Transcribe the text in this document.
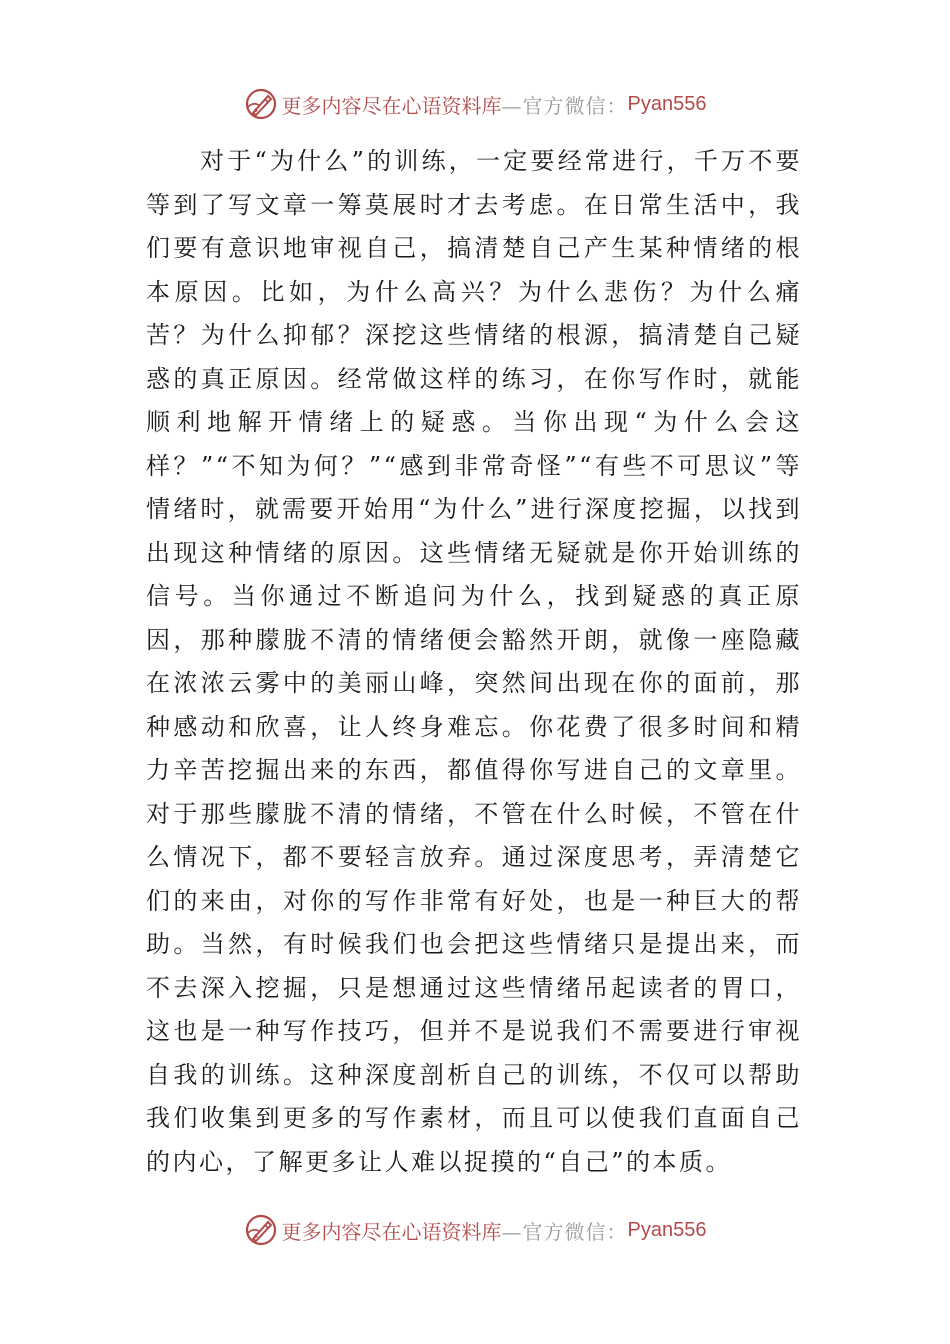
更多内容尽在心语资料库 —官方微信： Pyan556

对于“为什么”的训练，一定要经常进行，千万不要等到了写文章一筹莫展时才去考虑。在日常生活中，我们要有意识地审视自己，搞清楚自己产生某种情绪的根本原因。比如，为什么高兴？为什么悲伤？为什么痛苦？为什么抑郁？深挖这些情绪的根源，搞清楚自己疑惑的真正原因。经常做这样的练习，在你写作时，就能顺利地解开情绪上的疑惑。当你出现“为什么会这样？”“不知为何？”“感到非常奇怪”“有些不可思议”等情绪时，就需要开始用“为什么”进行深度挖掘，以找到出现这种情绪的原因。这些情绪无疑就是你开始训练的信号。当你通过不断追问为什么，找到疑惑的真正原因，那种朦胧不清的情绪便会豁然开朗，就像一座隐藏在浓浓云雾中的美丽山峰，突然间出现在你的面前，那种感动和欣喜，让人终身难忘。你花费了很多时间和精力辛苦挖掘出来的东西，都值得你写进自己的文章里。对于那些朦胧不清的情绪，不管在什么时候，不管在什么情况下，都不要轻言放弃。通过深度思考，弄清楚它们的来由，对你的写作非常有好处，也是一种巨大的帮助。当然，有时候我们也会把这些情绪只是提出来，而不去深入挖掘，只是想通过这些情绪吊起读者的胃口，这也是一种写作技巧，但并不是说我们不需要进行审视自我的训练。这种深度剖析自己的训练，不仅可以帮助我们收集到更多的写作素材，而且可以使我们直面自己的内心，了解更多让人难以捉摸的“自己”的本质。

更多内容尽在心语资料库 —官方微信： Pyan556
